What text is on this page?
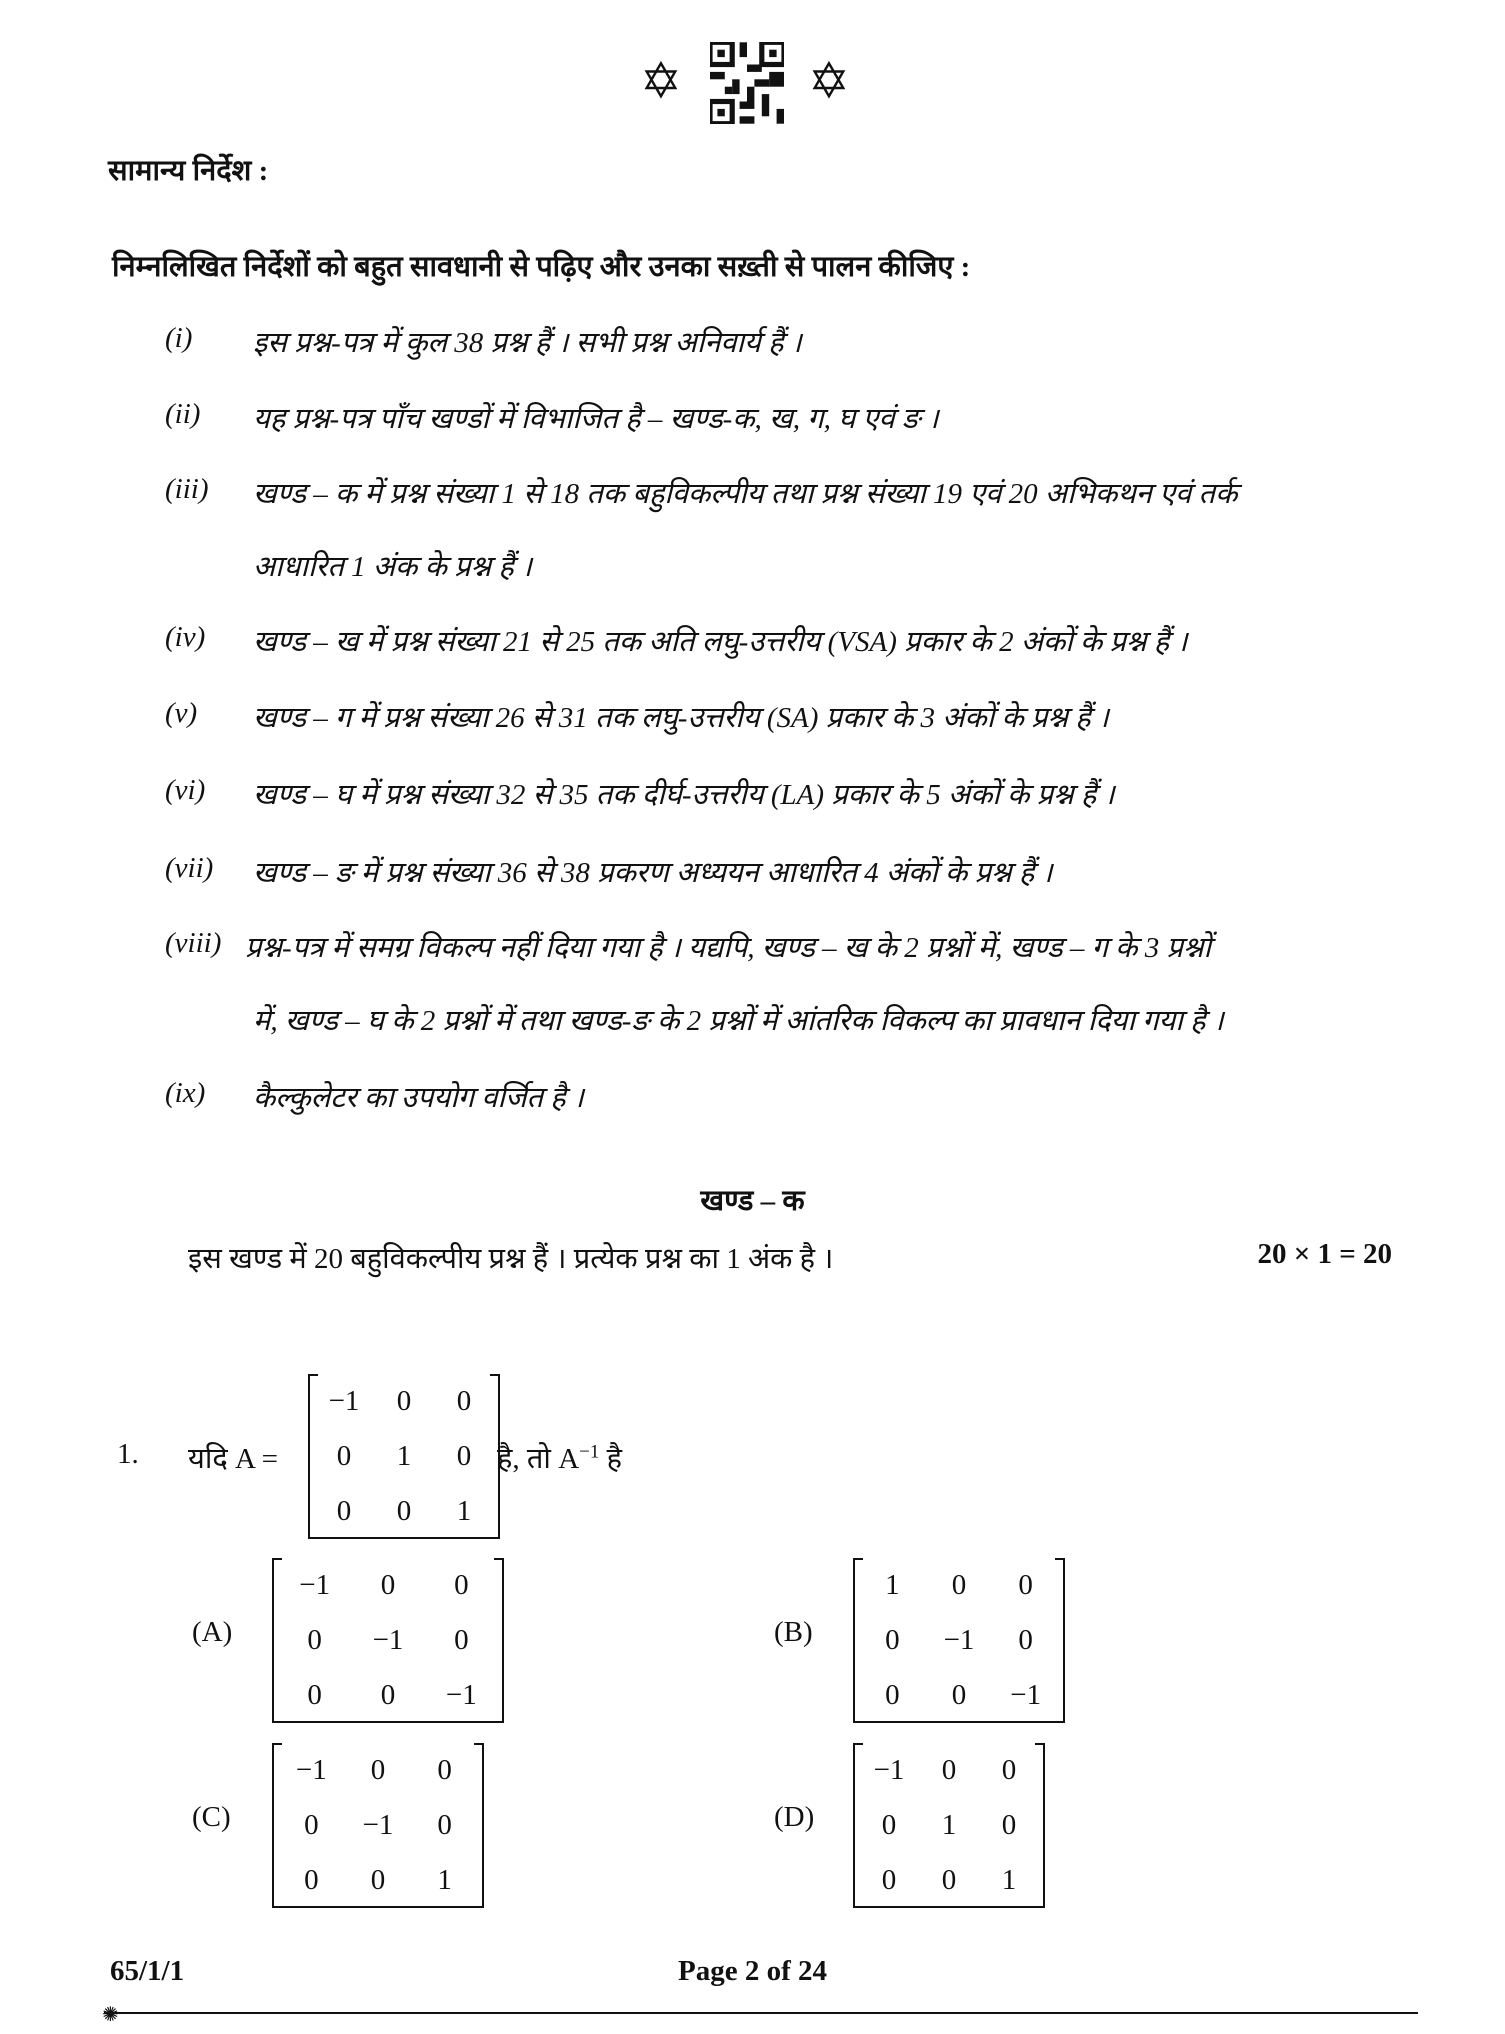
✡	✡
सामान्य निर्देश :
निम्नलिखित निर्देशों को बहुत सावधानी से पढ़िए और उनका सख़्ती से पालन कीजिए :
(i) इस प्रश्न-पत्र में कुल 38 प्रश्न हैं । सभी प्रश्न अनिवार्य हैं ।
(ii) यह प्रश्न-पत्र पाँच खण्डों में विभाजित है – खण्ड-क, ख, ग, घ एवं ङ ।
(iii) खण्ड – क में प्रश्न संख्या 1 से 18 तक बहुविकल्पीय तथा प्रश्न संख्या 19 एवं 20 अभिकथन एवं तर्क
आधारित 1 अंक के प्रश्न हैं ।
(iv) खण्ड – ख में प्रश्न संख्या 21 से 25 तक अति लघु-उत्तरीय (VSA) प्रकार के 2 अंकों के प्रश्न हैं ।
(v) खण्ड – ग में प्रश्न संख्या 26 से 31 तक लघु-उत्तरीय (SA) प्रकार के 3 अंकों के प्रश्न हैं ।
(vi) खण्ड – घ में प्रश्न संख्या 32 से 35 तक दीर्घ-उत्तरीय (LA) प्रकार के 5 अंकों के प्रश्न हैं ।
(vii) खण्ड – ङ में प्रश्न संख्या 36 से 38 प्रकरण अध्ययन आधारित 4 अंकों के प्रश्न हैं ।
(viii) प्रश्न-पत्र में समग्र विकल्प नहीं दिया गया है । यद्यपि, खण्ड – ख के 2 प्रश्नों में, खण्ड – ग के 3 प्रश्नों
में, खण्ड – घ के 2 प्रश्नों में तथा खण्ड-ङ के 2 प्रश्नों में आंतरिक विकल्प का प्रावधान दिया गया है ।
(ix) कैल्कुलेटर का उपयोग वर्जित है ।
खण्ड – क
इस खण्ड में 20 बहुविकल्पीय प्रश्न हैं । प्रत्येक प्रश्न का 1 अंक है ।	20 × 1 = 20
1. यदि A =
−1	0	0
0	1	0
0	0	1
है, तो $A^{-1}$ है
(A)
−1	0	0
0	−1	0
0	0	−1
(B)
1	0	0
0	−1	0
0	0	−1
(C)
−1	0	0
0	−1	0
0	0	1
(D)
−1	0	0
0	1	0
0	0	1
65/1/1	Page 2 of 24
✺
